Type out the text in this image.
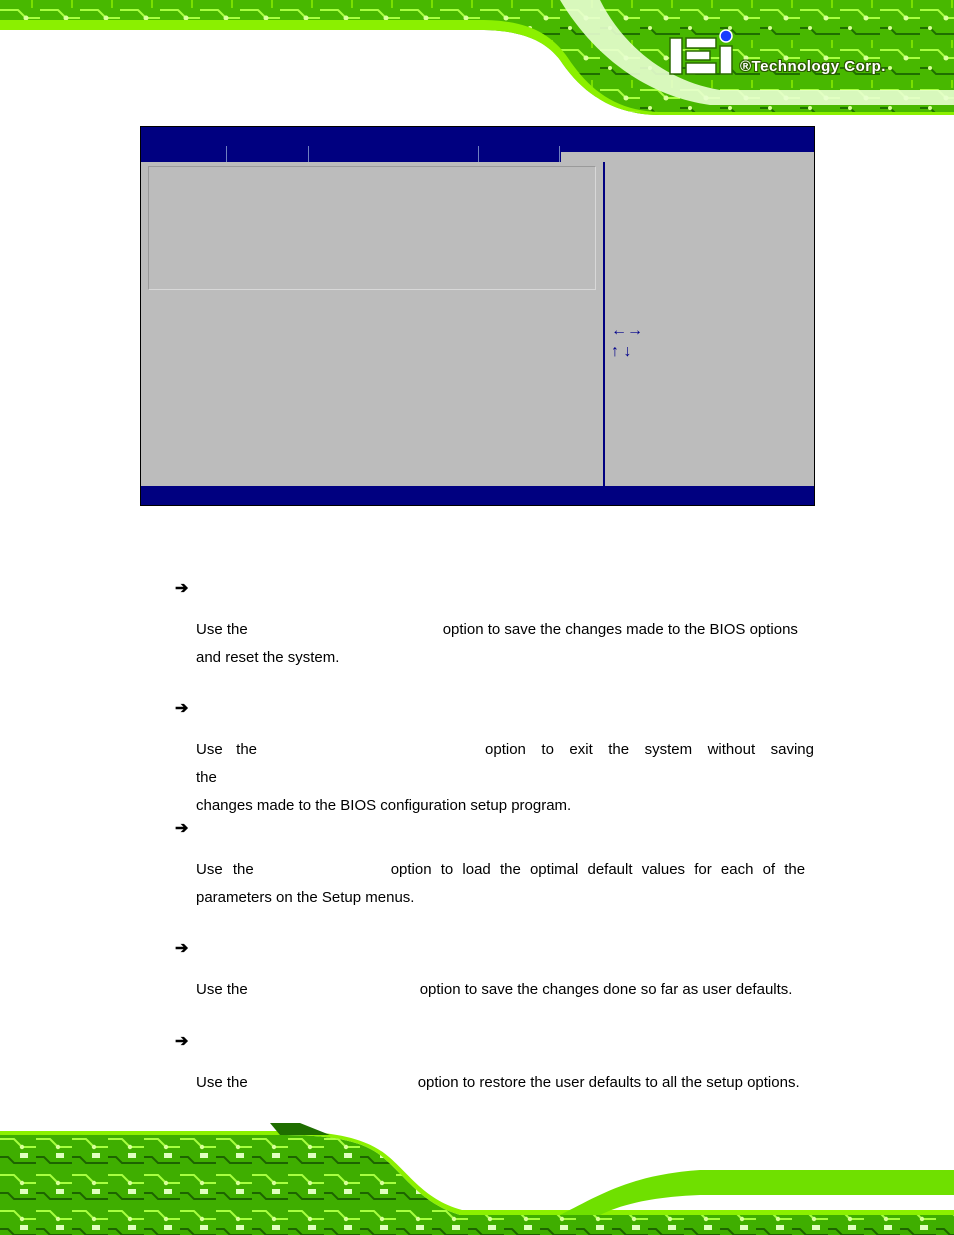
®Technology Corp.
←→
↑ ↓
➔
Use the	option to save the changes made to the BIOS options
and reset the system.
➔
Use the	option to exit the system without saving the
changes made to the BIOS configuration setup program.
➔
Use the	option to load the optimal default values for each of the
parameters on the Setup menus.
➔
Use the	option to save the changes done so far as user defaults.
➔
Use the	option to restore the user defaults to all the setup options.
